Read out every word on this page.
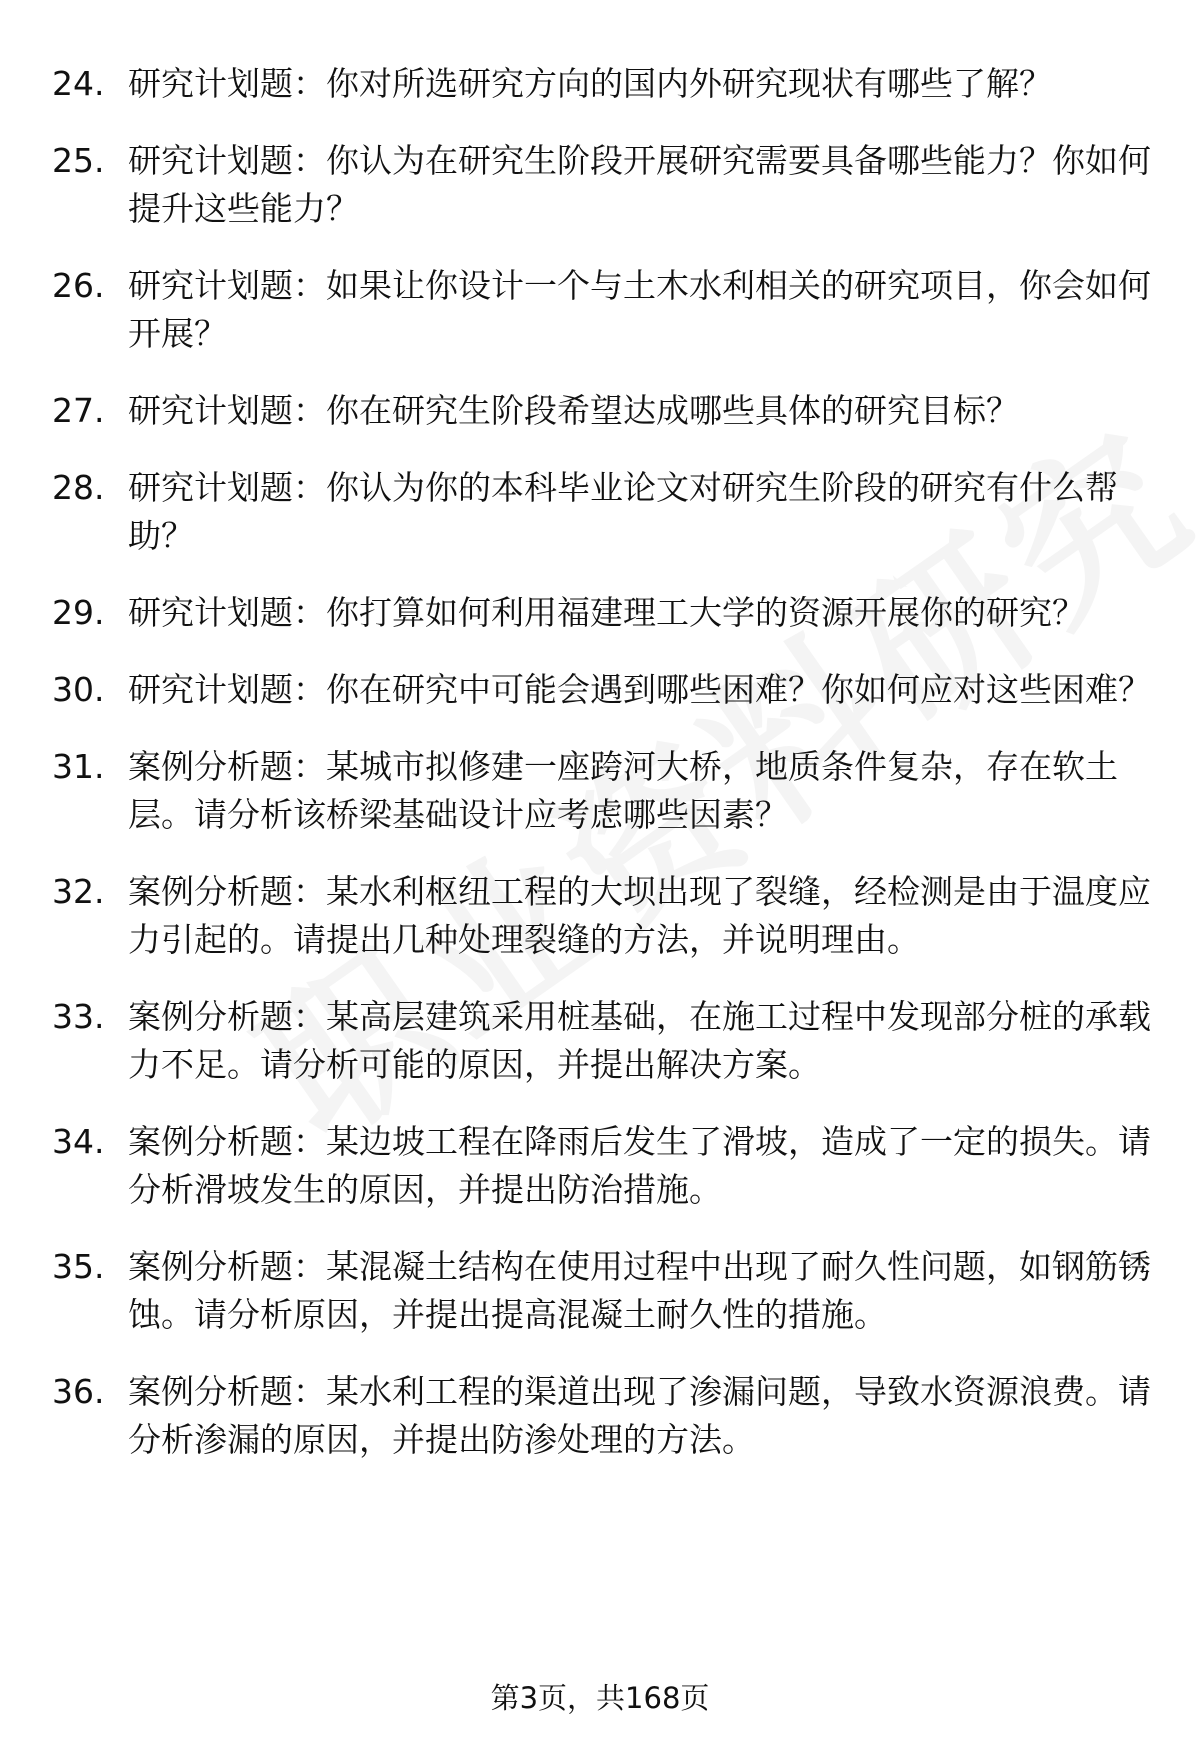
24. 研究计划题：你对所选研究方向的国内外研究现状有哪些了解？
25. 研究计划题：你认为在研究生阶段开展研究需要具备哪些能力？你如何提升这些能力？
26. 研究计划题：如果让你设计一个与土木水利相关的研究项目，你会如何开展？
27. 研究计划题：你在研究生阶段希望达成哪些具体的研究目标？
28. 研究计划题：你认为你的本科毕业论文对研究生阶段的研究有什么帮助？
29. 研究计划题：你打算如何利用福建理工大学的资源开展你的研究？
30. 研究计划题：你在研究中可能会遇到哪些困难？你如何应对这些困难？
31. 案例分析题：某城市拟修建一座跨河大桥，地质条件复杂，存在软土层。请分析该桥梁基础设计应考虑哪些因素？
32. 案例分析题：某水利枢纽工程的大坝出现了裂缝，经检测是由于温度应力引起的。请提出几种处理裂缝的方法，并说明理由。
33. 案例分析题：某高层建筑采用桩基础，在施工过程中发现部分桩的承载力不足。请分析可能的原因，并提出解决方案。
34. 案例分析题：某边坡工程在降雨后发生了滑坡，造成了一定的损失。请分析滑坡发生的原因，并提出防治措施。
35. 案例分析题：某混凝土结构在使用过程中出现了耐久性问题，如钢筋锈蚀。请分析原因，并提出提高混凝土耐久性的措施。
36. 案例分析题：某水利工程的渠道出现了渗漏问题，导致水资源浪费。请分析渗漏的原因，并提出防渗处理的方法。
第3页，共168页
